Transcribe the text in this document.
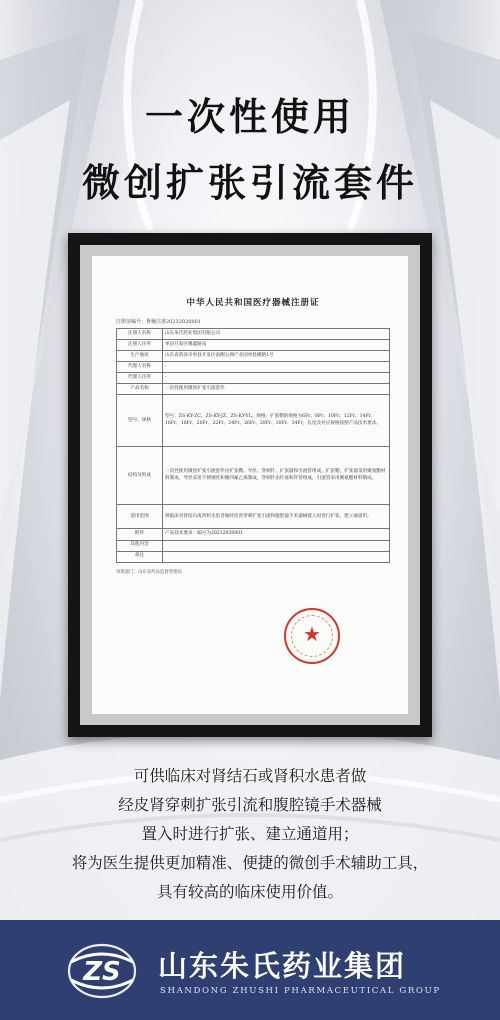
一次性使用
微创扩张引流套件
中华人民共和国医疗器械注册证
注册证编号：鲁械注准20232020001
注册人名称	山东朱氏药业集团有限公司
注册人住所	单县开发区聚鑫路南
生产地址	山东省菏泽市单县开发区南侧五洲产业园单县横路1号
代理人名称	-
代理人住所	-
产品名称	一次性使用微创扩张引流套件
型号、规格	型号：ZS-KY-ZC、ZS-KY-JZ、ZS-KY-YL。规格：扩张鞘的规格为6Fr、8Fr、10Fr、12Fr、14Fr、16Fr、18Fr、20Fr、22Fr、24Fr、26Fr、28Fr、30Fr、34Fr，长度及对应规格按照产品技术要求。
结构及组成	一次性使用微创扩张引流套件由扩张鞘、导丝、穿刺针、扩张器和引流管组成。扩张鞘、扩张器采用聚氨酯材料制成，导丝采用不锈钢丝和聚四氟乙烯制成，穿刺针由针座和针管组成，引流管采用聚氨酯材料制成。
适用范围	供临床对肾结石或肾积水患者做经皮肾穿刺扩张引流和腹腔镜手术器械置入时进行扩张、建立通道用。
附件	产品技术要求：编号为20232020001
其他内容	
备注	
审批部门：山东省药品监督管理局
★
可供临床对肾结石或肾积水患者做
经皮肾穿刺扩张引流和腹腔镜手术器械
置入时进行扩张、建立通道用；
将为医生提供更加精准、便捷的微创手术辅助工具，
具有较高的临床使用价值。
ZS 山东朱氏药业集团
SHANDONG ZHUSHI PHARMACEUTICAL GROUP
